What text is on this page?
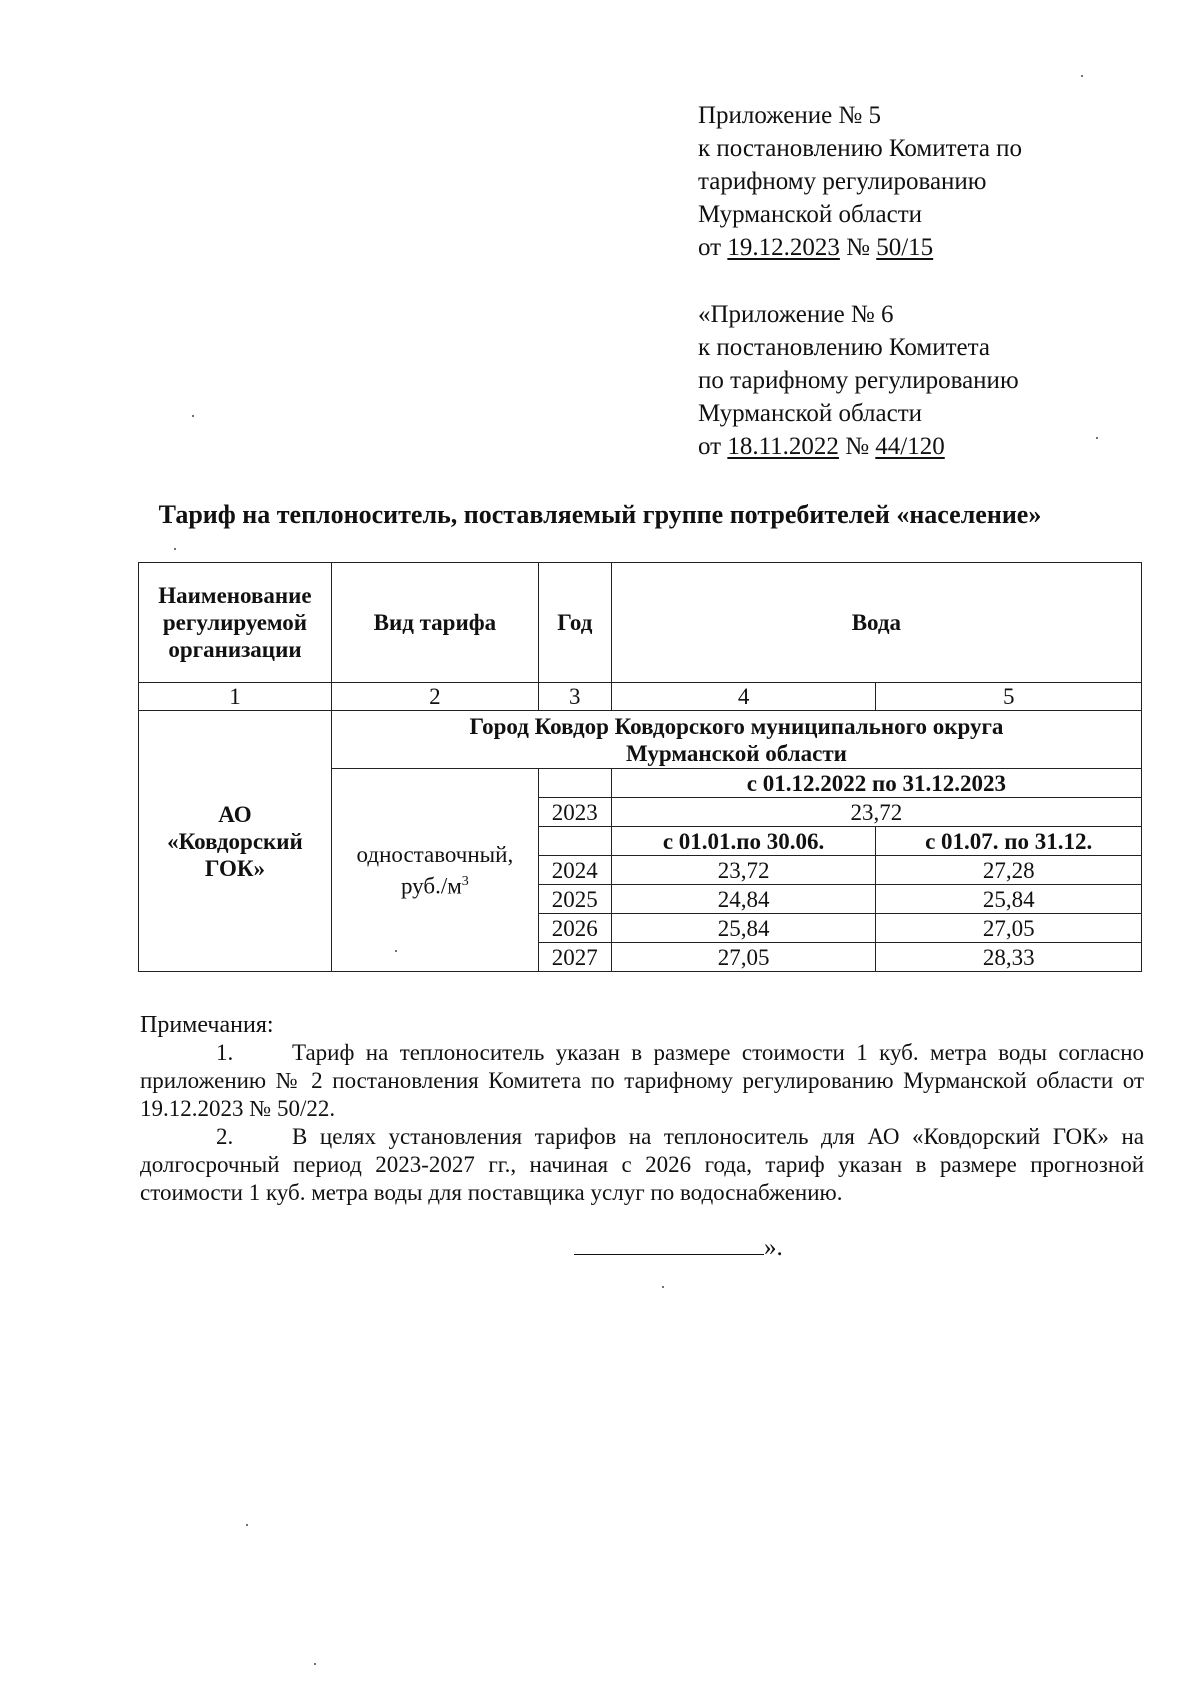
Приложение № 5
к постановлению Комитета по
тарифному регулированию
Мурманской области
от 19.12.2023 № 50/15
«Приложение № 6
к постановлению Комитета
по тарифному регулированию
Мурманской области
от 18.11.2022 № 44/120
Тариф на теплоноситель, поставляемый группе потребителей «население»
Наименование регулируемой организации	Вид тарифа	Год	Вода	
1	2	3	4	5

АО
«Ковдорский
ГОК»	Город Ковдор Ковдорского муниципального округа Мурманской области			
	одноставочный, $руб./м^3$		с 01.12.2022 по 31.12.2023	
		2023	23,72	
			с 01.01.по 30.06.	с 01.07. по 31.12.
		2024	23,72	27,28
		2025	24,84	25,84
		2026	25,84	27,05
		2027	27,05	28,33
Примечания:
1.	Тариф на теплоноситель указан в размере стоимости 1 куб. метра воды согласно приложению № 2 постановления Комитета по тарифному регулированию Мурманской области от 19.12.2023 № 50/22.
2.	В целях установления тарифов на теплоноситель для АО «Ковдорский ГОК» на долгосрочный период 2023-2027 гг., начиная с 2026 года, тариф указан в размере прогнозной стоимости 1 куб. метра воды для поставщика услуг по водоснабжению.
».
